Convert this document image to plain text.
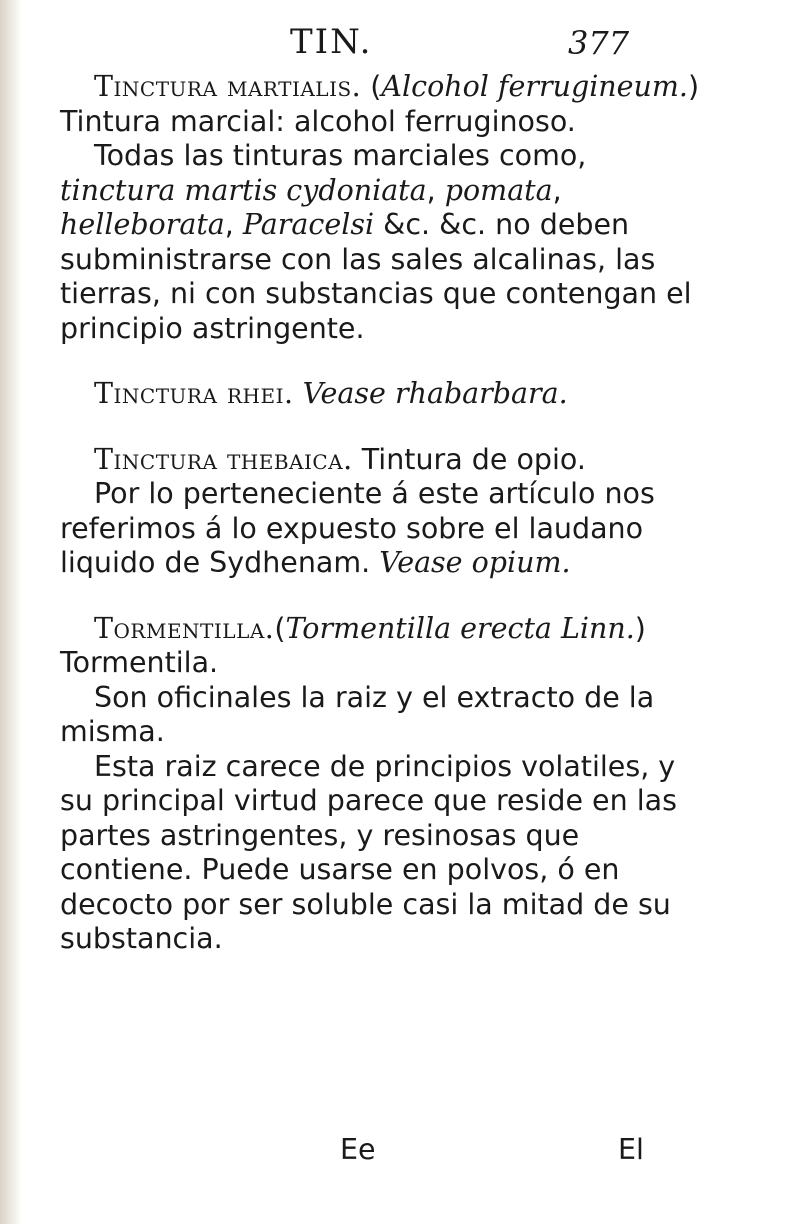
TIN.	377

Tinctura martialis. (Alcohol ferrugineum.) Tintura marcial: alcohol ferruginoso.

Todas las tinturas marciales como, tinctura martis cydoniata, pomata, helleborata, Paracelsi &c. &c. no deben subministrarse con las sales alcalinas, las tierras, ni con substancias que contengan el principio astringente.

Tinctura rhei. Vease rhabarbara.

Tinctura thebaica. Tintura de opio.

Por lo perteneciente á este artículo nos referimos á lo expuesto sobre el laudano liquido de Sydhenam. Vease opium.

Tormentilla.(Tormentilla erecta Linn.) Tormentila.

Son oficinales la raiz y el extracto de la misma.

Esta raiz carece de principios volatiles, y su principal virtud parece que reside en las partes astringentes, y resinosas que contiene. Puede usarse en polvos, ó en decocto por ser soluble casi la mitad de su substancia.

Ee	El
